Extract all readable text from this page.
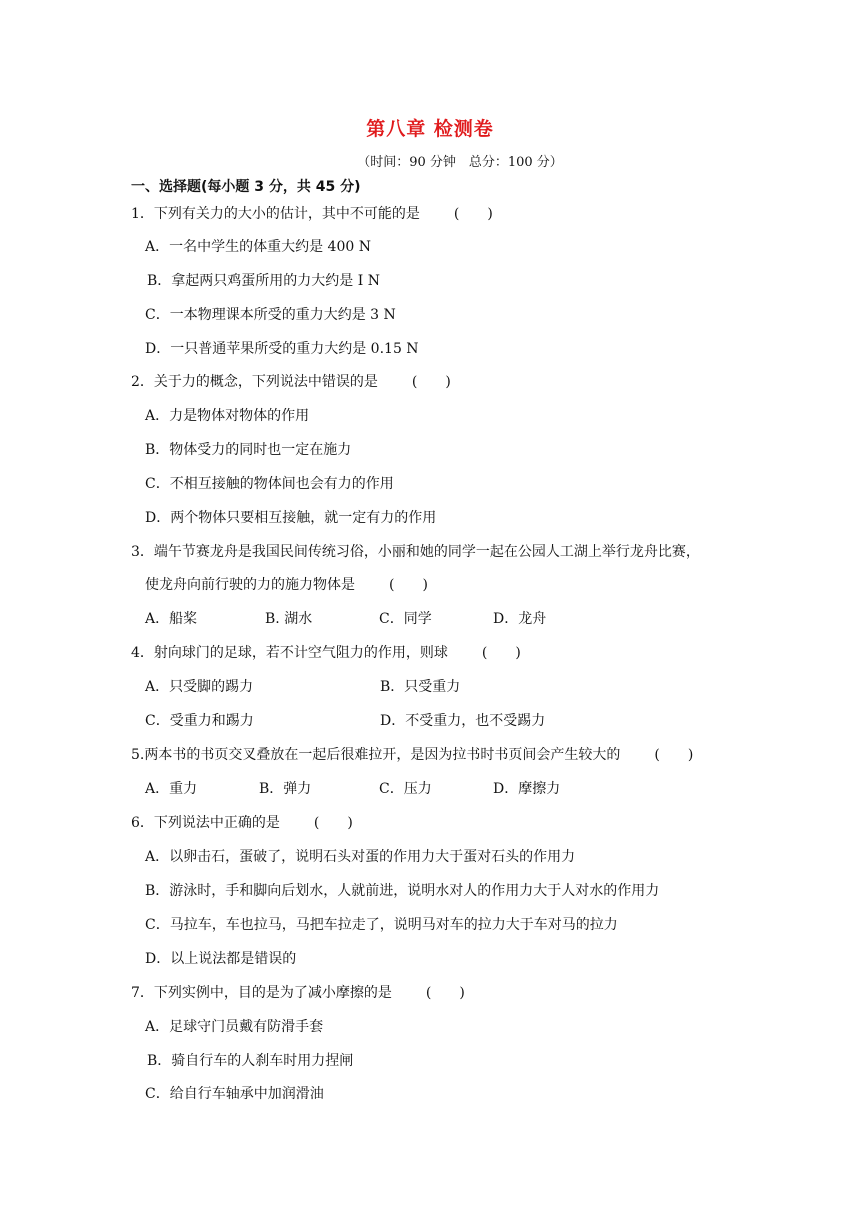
第八章 检测卷
（时间：90 分钟　总分：100 分）
一、选择题(每小题 3 分，共 45 分)
1．下列有关力的大小的估计，其中不可能的是 (　　)
A．一名中学生的体重大约是 400 N
B．拿起两只鸡蛋所用的力大约是 I N
C．一本物理课本所受的重力大约是 3 N
D．一只普通苹果所受的重力大约是 0.15 N
2．关于力的概念，下列说法中错误的是 (　　)
A．力是物体对物体的作用
B．物体受力的同时也一定在施力
C．不相互接触的物体间也会有力的作用
D．两个物体只要相互接触，就一定有力的作用
3．端午节赛龙舟是我国民间传统习俗，小丽和她的同学一起在公园人工湖上举行龙舟比赛，
使龙舟向前行驶的力的施力物体是 (　　)
A．船桨	B. 湖水	C．同学	D．龙舟
4．射向球门的足球，若不计空气阻力的作用，则球 (　　)
A．只受脚的踢力	B．只受重力
C．受重力和踢力	D．不受重力，也不受踢力
5.两本书的书页交叉叠放在一起后很难拉开，是因为拉书时书页间会产生较大的 (　　)
A．重力	B．弹力	C．压力	D．摩擦力
6．下列说法中正确的是 (　　)
A．以卵击石，蛋破了，说明石头对蛋的作用力大于蛋对石头的作用力
B．游泳时，手和脚向后划水，人就前进，说明水对人的作用力大于人对水的作用力
C．马拉车，车也拉马，马把车拉走了，说明马对车的拉力大于车对马的拉力
D．以上说法都是错误的
7．下列实例中，目的是为了减小摩擦的是 (　　)
A．足球守门员戴有防滑手套
B．骑自行车的人刹车时用力捏闸
C．给自行车轴承中加润滑油
